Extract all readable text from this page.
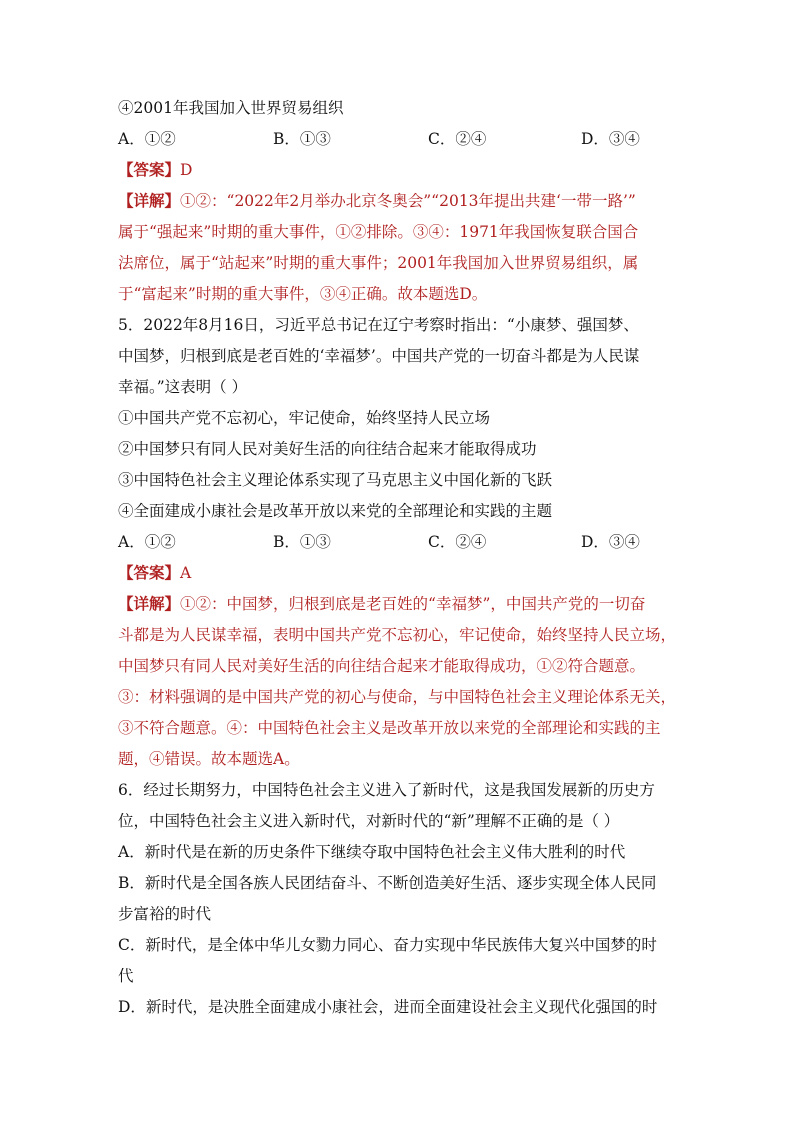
④2001年我国加入世界贸易组织
A．①②	B．①③	C．②④	D．③④
【答案】D
【详解】①②：“2022年2月举办北京冬奥会”“2013年提出共建‘一带一路’”
属于“强起来”时期的重大事件，①②排除。③④：1971年我国恢复联合国合
法席位，属于“站起来”时期的重大事件；2001年我国加入世界贸易组织，属
于“富起来”时期的重大事件，③④正确。故本题选D。
5．2022年8月16日，习近平总书记在辽宁考察时指出：“小康梦、强国梦、
中国梦，归根到底是老百姓的‘幸福梦’。中国共产党的一切奋斗都是为人民谋
幸福。”这表明（ ）
①中国共产党不忘初心，牢记使命，始终坚持人民立场
②中国梦只有同人民对美好生活的向往结合起来才能取得成功
③中国特色社会主义理论体系实现了马克思主义中国化新的飞跃
④全面建成小康社会是改革开放以来党的全部理论和实践的主题
A．①②	B．①③	C．②④	D．③④
【答案】A
【详解】①②：中国梦，归根到底是老百姓的“幸福梦”，中国共产党的一切奋
斗都是为人民谋幸福，表明中国共产党不忘初心，牢记使命，始终坚持人民立场，
中国梦只有同人民对美好生活的向往结合起来才能取得成功，①②符合题意。
③：材料强调的是中国共产党的初心与使命，与中国特色社会主义理论体系无关，
③不符合题意。④：中国特色社会主义是改革开放以来党的全部理论和实践的主
题，④错误。故本题选A。
6．经过长期努力，中国特色社会主义进入了新时代，这是我国发展新的历史方
位，中国特色社会主义进入新时代，对新时代的“新”理解不正确的是（ ）
A．新时代是在新的历史条件下继续夺取中国特色社会主义伟大胜利的时代
B．新时代是全国各族人民团结奋斗、不断创造美好生活、逐步实现全体人民同
步富裕的时代
C．新时代，是全体中华儿女勠力同心、奋力实现中华民族伟大复兴中国梦的时
代
D．新时代，是决胜全面建成小康社会，进而全面建设社会主义现代化强国的时
